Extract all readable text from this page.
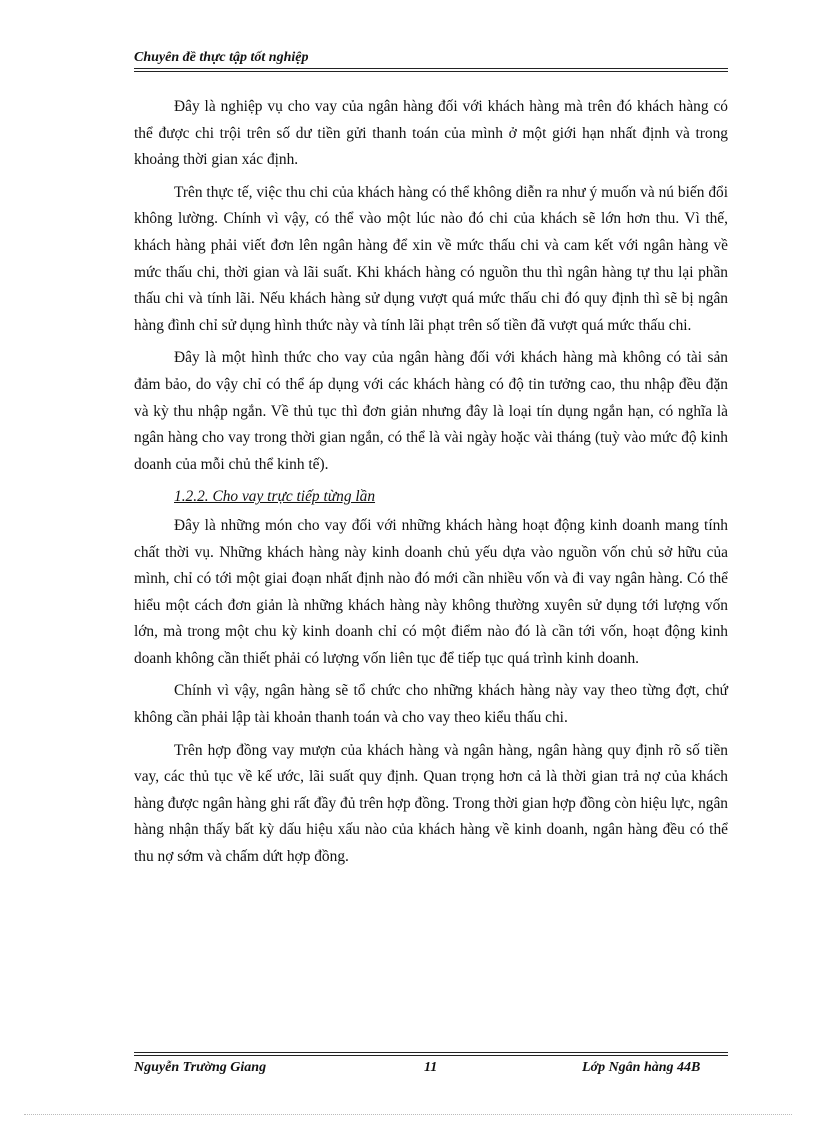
Chuyên đề thực tập tốt nghiệp

Đây là nghiệp vụ cho vay của ngân hàng đối với khách hàng mà trên đó khách hàng có thể được chi trội trên số dư tiền gửi thanh toán của mình ở một giới hạn nhất định và trong khoảng thời gian xác định.

Trên thực tế, việc thu chi của khách hàng có thể không diễn ra như ý muốn và nú biến đổi không lường. Chính vì vậy, có thể vào một lúc nào đó chi của khách sẽ lớn hơn thu. Vì thế, khách hàng phải viết đơn lên ngân hàng để xin về mức thấu chi và cam kết với ngân hàng về mức thấu chi, thời gian và lãi suất. Khi khách hàng có nguồn thu thì ngân hàng tự thu lại phần thấu chi và tính lãi. Nếu khách hàng sử dụng vượt quá mức thấu chi đó quy định thì sẽ bị ngân hàng đình chỉ sử dụng hình thức này và tính lãi phạt trên số tiền đã vượt quá mức thấu chi.

Đây là một hình thức cho vay của ngân hàng đối với khách hàng mà không có tài sản đảm bảo, do vậy chỉ có thể áp dụng với các khách hàng có độ tin tưởng cao, thu nhập đều đặn và kỳ thu nhập ngắn. Về thủ tục thì đơn giản nhưng đây là loại tín dụng ngắn hạn, có nghĩa là ngân hàng cho vay trong thời gian ngắn, có thể là vài ngày hoặc vài tháng (tuỳ vào mức độ kinh doanh của mỗi chủ thể kinh tế).

1.2.2. Cho vay trực tiếp từng lần

Đây là những món cho vay đối với những khách hàng hoạt động kinh doanh mang tính chất thời vụ. Những khách hàng này kinh doanh chủ yếu dựa vào nguồn vốn chủ sở hữu của mình, chỉ có tới một giai đoạn nhất định nào đó mới cần nhiều vốn và đi vay ngân hàng. Có thể hiểu một cách đơn giản là những khách hàng này không thường xuyên sử dụng tới lượng vốn lớn, mà trong một chu kỳ kinh doanh chỉ có một điểm nào đó là cần tới vốn, hoạt động kinh doanh không cần thiết phải có lượng vốn liên tục để tiếp tục quá trình kinh doanh.

Chính vì vậy, ngân hàng sẽ tổ chức cho những khách hàng này vay theo từng đợt, chứ không cần phải lập tài khoản thanh toán và cho vay theo kiểu thấu chi.

Trên hợp đồng vay mượn của khách hàng và ngân hàng, ngân hàng quy định rõ số tiền vay, các thủ tục về kế ước, lãi suất quy định. Quan trọng hơn cả là thời gian trả nợ của khách hàng được ngân hàng ghi rất đầy đủ trên hợp đồng. Trong thời gian hợp đồng còn hiệu lực, ngân hàng nhận thấy bất kỳ dấu hiệu xấu nào của khách hàng về kinh doanh, ngân hàng đều có thể thu nợ sớm và chấm dứt hợp đồng.

Nguyễn Trường Giang	11	Lớp Ngân hàng 44B
